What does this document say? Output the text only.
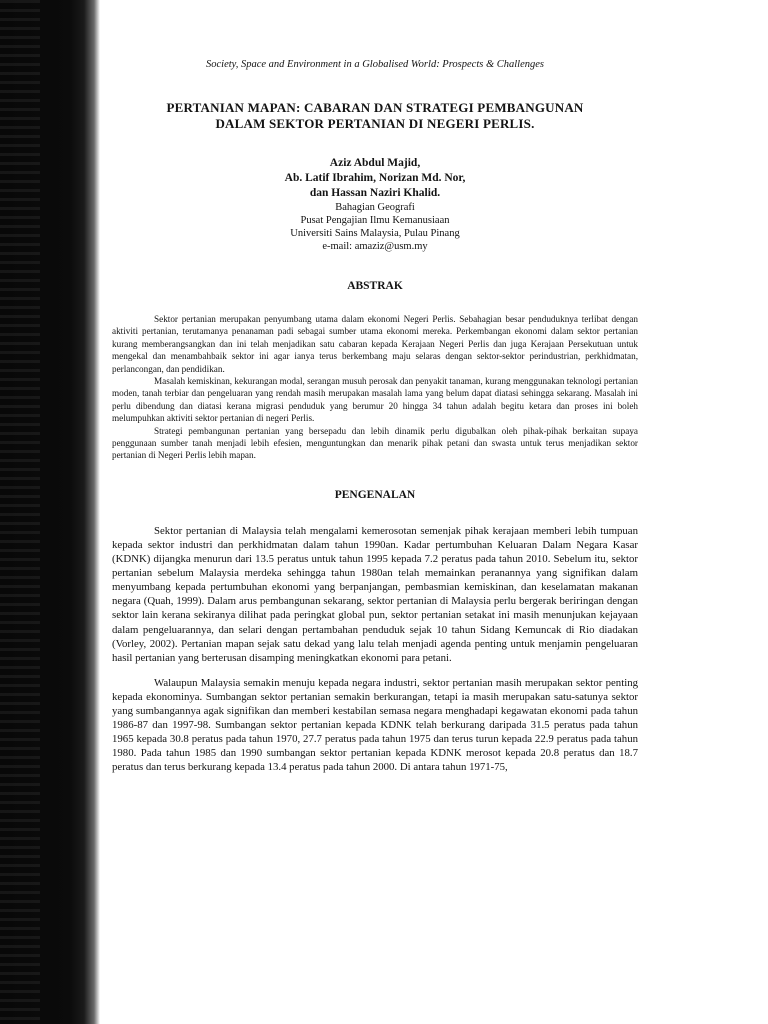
Society, Space and Environment in a Globalised World: Prospects & Challenges
PERTANIAN MAPAN: CABARAN DAN STRATEGI PEMBANGUNAN
DALAM SEKTOR PERTANIAN DI NEGERI PERLIS.
Aziz Abdul Majid,
Ab. Latif Ibrahim, Norizan Md. Nor,
dan Hassan Naziri Khalid.
Bahagian Geografi
Pusat Pengajian Ilmu Kemanusiaan
Universiti Sains Malaysia, Pulau Pinang
e-mail: amaziz@usm.my
ABSTRAK

Sektor pertanian merupakan penyumbang utama dalam ekonomi Negeri Perlis. Sebahagian besar penduduknya terlibat dengan aktiviti pertanian, terutamanya penanaman padi sebagai sumber utama ekonomi mereka. Perkembangan ekonomi dalam sektor pertanian kurang memberangsangkan dan ini telah menjadikan satu cabaran kepada Kerajaan Negeri Perlis dan juga Kerajaan Persekutuan untuk mengekal dan menambahbaik sektor ini agar ianya terus berkembang maju selaras dengan sektor-sektor perindustrian, perkhidmatan, perlancongan, dan pendidikan.

Masalah kemiskinan, kekurangan modal, serangan musuh perosak dan penyakit tanaman, kurang menggunakan teknologi pertanian moden, tanah terbiar dan pengeluaran yang rendah masih merupakan masalah lama yang belum dapat diatasi sehingga sekarang. Masalah ini perlu dibendung dan diatasi kerana migrasi penduduk yang berumur 20 hingga 34 tahun adalah begitu ketara dan proses ini boleh melumpuhkan aktiviti sektor pertanian di negeri Perlis.

Strategi pembangunan pertanian yang bersepadu dan lebih dinamik perlu digubalkan oleh pihak-pihak berkaitan supaya penggunaan sumber tanah menjadi lebih efesien, menguntungkan dan menarik pihak petani dan swasta untuk terus menjadikan sektor pertanian di Negeri Perlis lebih mapan.

PENGENALAN

Sektor pertanian di Malaysia telah mengalami kemerosotan semenjak pihak kerajaan memberi lebih tumpuan kepada sektor industri dan perkhidmatan dalam tahun 1990an. Kadar pertumbuhan Keluaran Dalam Negara Kasar (KDNK) dijangka menurun dari 13.5 peratus untuk tahun 1995 kepada 7.2 peratus pada tahun 2010. Sebelum itu, sektor pertanian sebelum Malaysia merdeka sehingga tahun 1980an telah memainkan peranannya yang signifikan dalam menyumbang kepada pertumbuhan ekonomi yang berpanjangan, pembasmian kemiskinan, dan keselamatan makanan negara (Quah, 1999). Dalam arus pembangunan sekarang, sektor pertanian di Malaysia perlu bergerak beriringan dengan sektor lain kerana sekiranya dilihat pada peringkat global pun, sektor pertanian setakat ini masih menunjukan kejayaan dalam pengeluarannya, dan selari dengan pertambahan penduduk sejak 10 tahun Sidang Kemuncak di Rio diadakan (Vorley, 2002). Pertanian mapan sejak satu dekad yang lalu telah menjadi agenda penting untuk menjamin pengeluaran hasil pertanian yang berterusan disamping meningkatkan ekonomi para petani.

Walaupun Malaysia semakin menuju kepada negara industri, sektor pertanian masih merupakan sektor penting kepada ekonominya. Sumbangan sektor pertanian semakin berkurangan, tetapi ia masih merupakan satu-satunya sektor yang sumbangannya agak signifikan dan memberi kestabilan semasa negara menghadapi kegawatan ekonomi pada tahun 1986-87 dan 1997-98. Sumbangan sektor pertanian kepada KDNK telah berkurang daripada 31.5 peratus pada tahun 1965 kepada 30.8 peratus pada tahun 1970, 27.7 peratus pada tahun 1975 dan terus turun kepada 22.9 peratus pada tahun 1980. Pada tahun 1985 dan 1990 sumbangan sektor pertanian kepada KDNK merosot kepada 20.8 peratus dan 18.7 peratus dan terus berkurang kepada 13.4 peratus pada tahun 2000. Di antara tahun 1971-75,
